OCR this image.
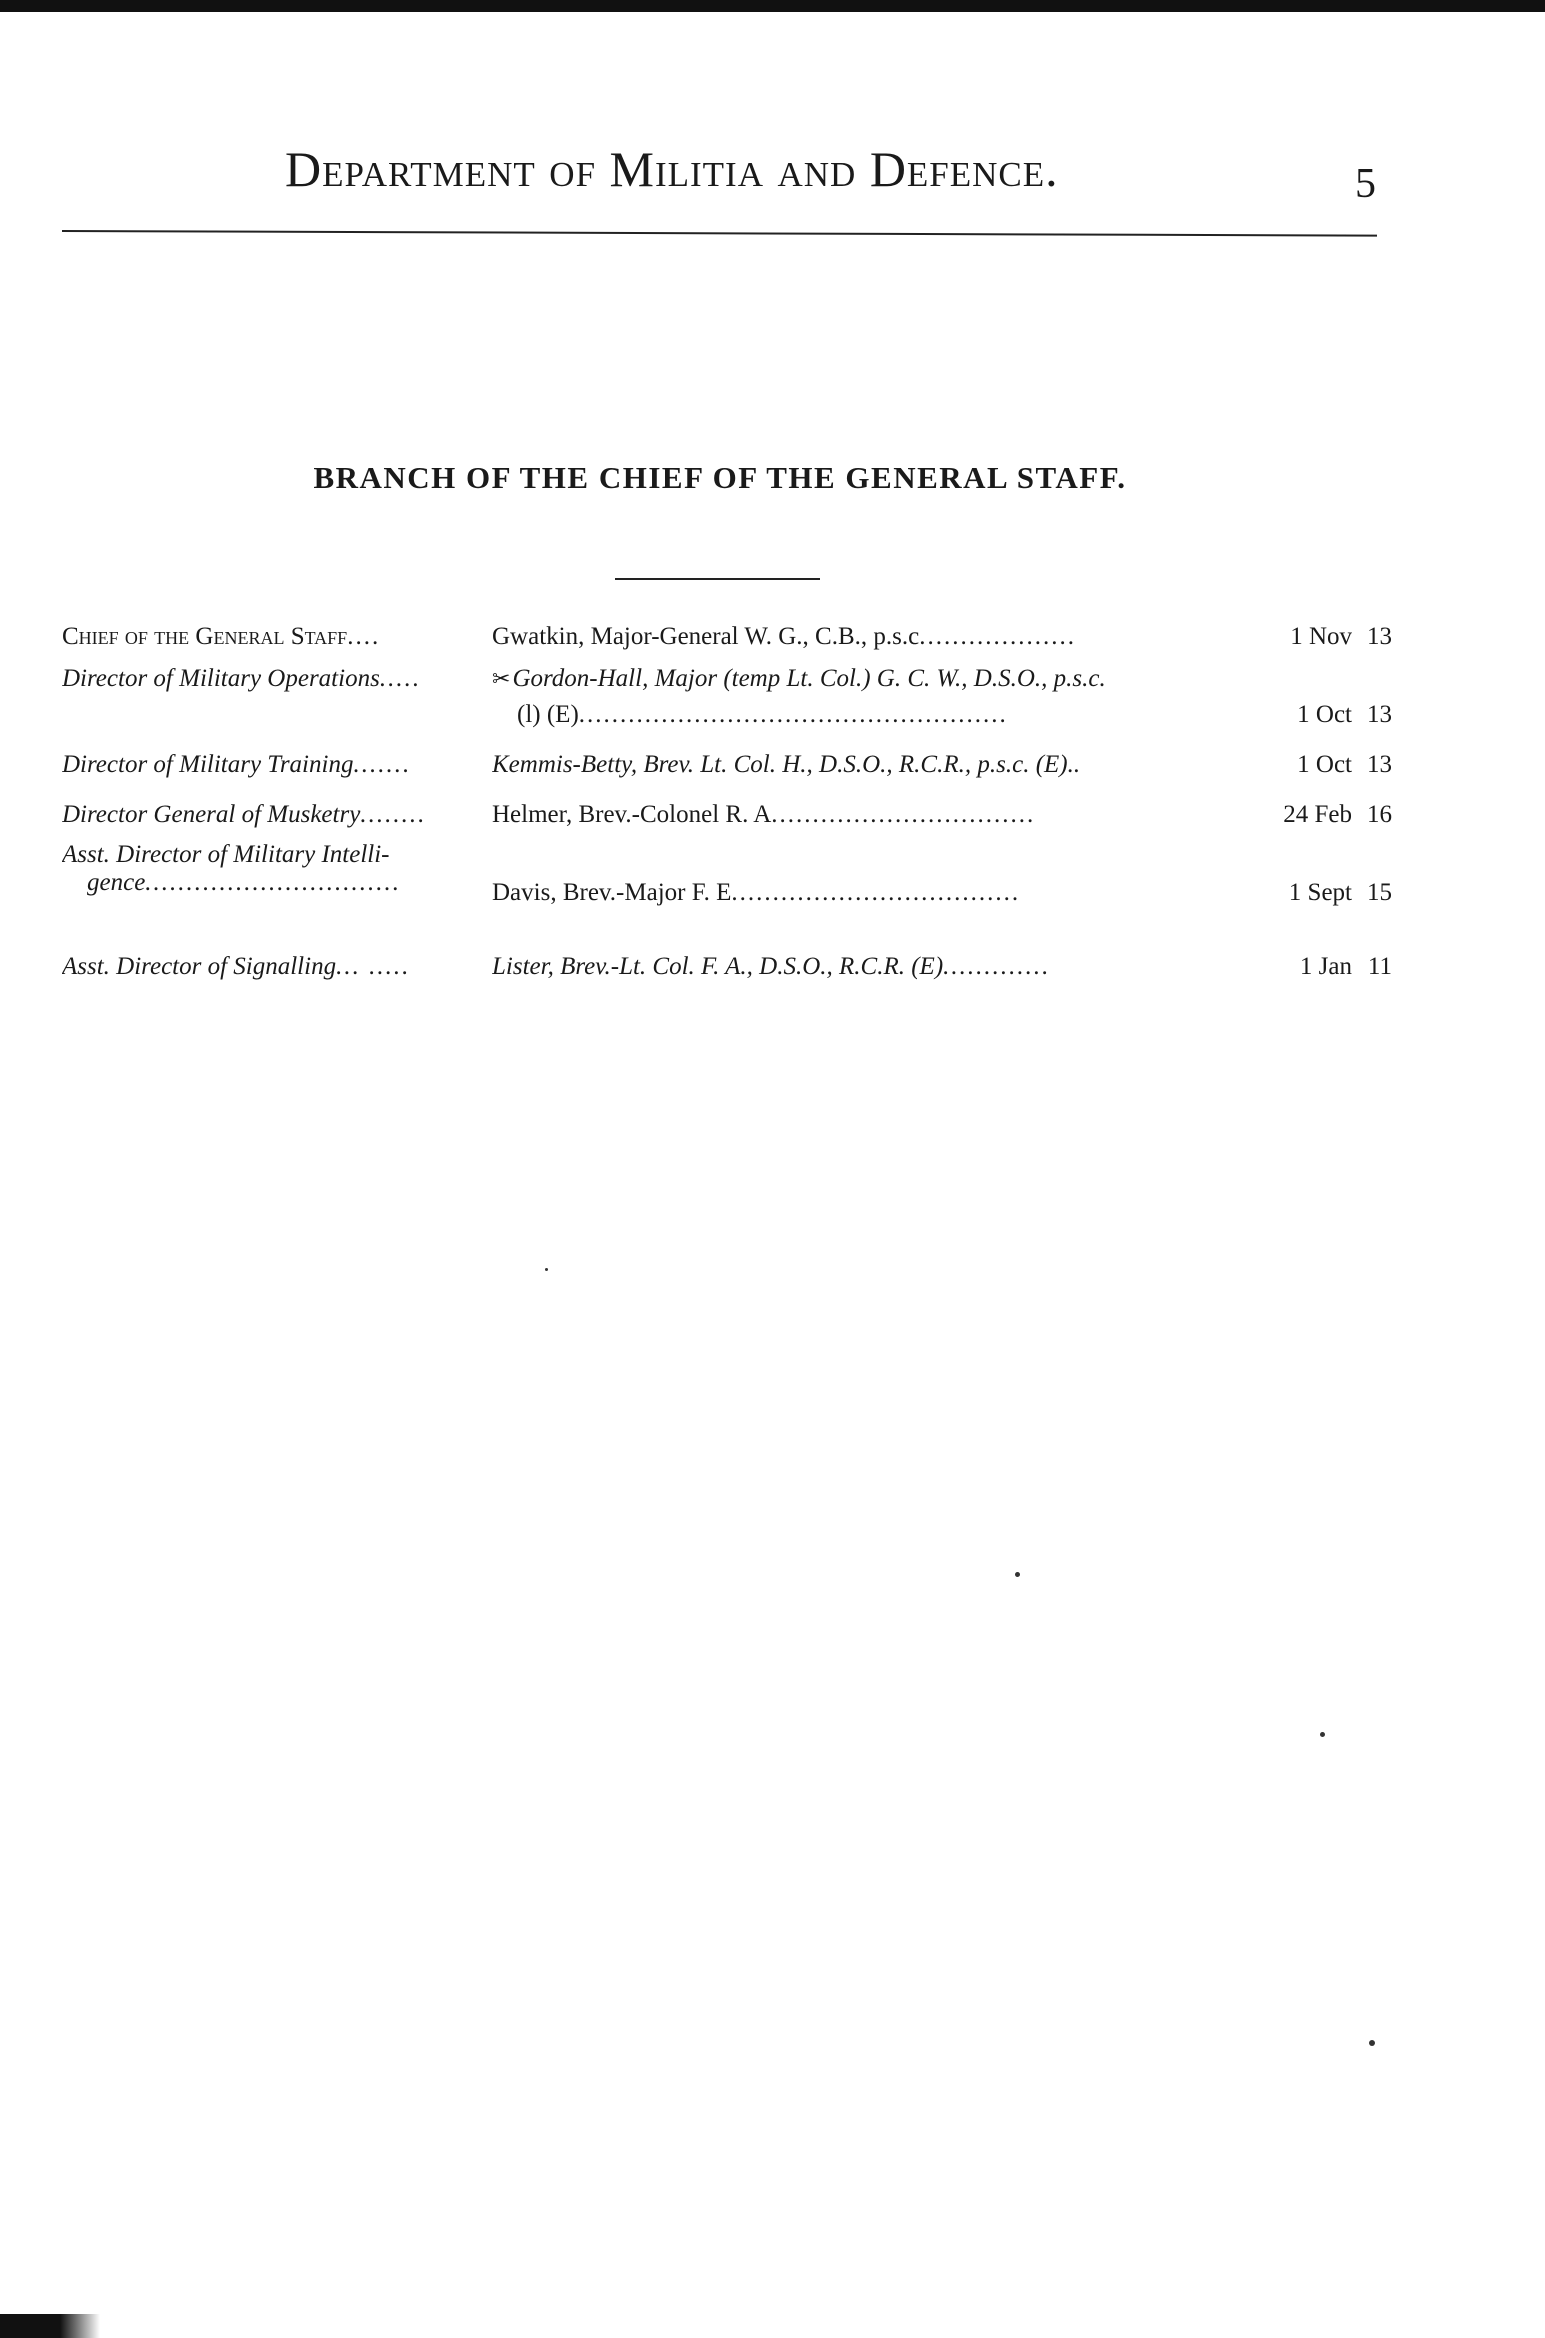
Department of Militia and Defence.	5
BRANCH OF THE CHIEF OF THE GENERAL STAFF.
Chief of the General Staff....	Gwatkin, Major-General W. G., C.B., p.s.c...................	1 Nov 13
Director of Military Operations.....	✂Gordon-Hall, Major (temp Lt. Col.) G. C. W., D.S.O., p.s.c.
(l) (E)....................................................	1 Oct 13
Director of Military Training.......	Kemmis-Betty, Brev. Lt. Col. H., D.S.O., R.C.R., p.s.c. (E)..	1 Oct 13
Director General of Musketry........	Helmer, Brev.-Colonel R. A................................	24 Feb 16
Asst. Director of Military Intelli-
gence...............................	Davis, Brev.-Major F. E...................................	1 Sept 15
Asst. Director of Signalling... .....	Lister, Brev.-Lt. Col. F. A., D.S.O., R.C.R. (E).............	1 Jan 11
